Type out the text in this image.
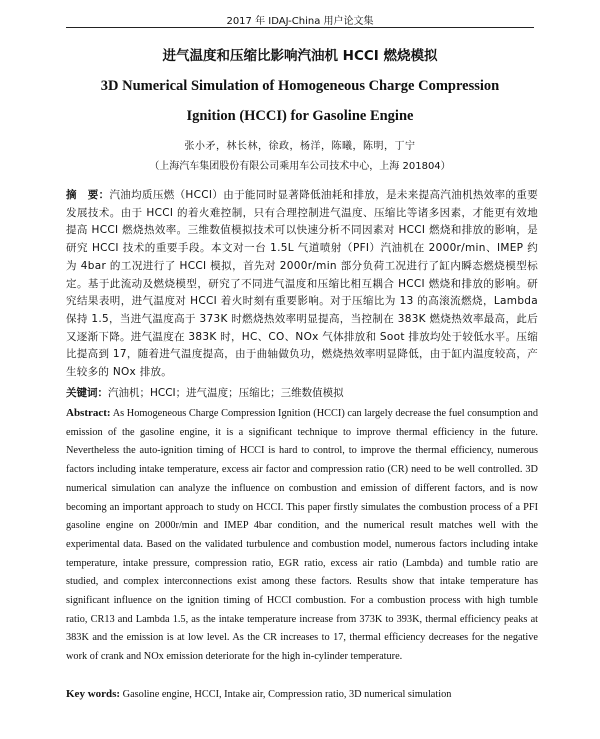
2017 年 IDAJ-China 用户论文集
进气温度和压缩比影响汽油机 HCCI 燃烧模拟
3D Numerical Simulation of Homogeneous Charge Compression
Ignition (HCCI) for Gasoline Engine
张小矛，林长林，徐政，杨洋，陈曦，陈明，丁宁
（上海汽车集团股份有限公司乘用车公司技术中心，上海 201804）
摘　要：汽油均质压燃（HCCI）由于能同时显著降低油耗和排放，是未来提高汽油机热效率的重要发展技术。由于 HCCI 的着火难控制，只有合理控制进气温度、压缩比等诸多因素，才能更有效地提高 HCCI 燃烧热效率。三维数值模拟技术可以快速分析不同因素对 HCCI 燃烧和排放的影响，是研究 HCCI 技术的重要手段。本文对一台 1.5L 气道喷射（PFI）汽油机在 2000r/min、IMEP 约为 4bar 的工况进行了 HCCI 模拟，首先对 2000r/min 部分负荷工况进行了缸内瞬态燃烧模型标定。基于此流动及燃烧模型，研究了不同进气温度和压缩比相互耦合 HCCI 燃烧和排放的影响。研究结果表明，进气温度对 HCCI 着火时刻有重要影响。对于压缩比为 13 的高滚流燃烧，Lambda 保持 1.5，当进气温度高于 373K 时燃烧热效率明显提高，当控制在 383K 燃烧热效率最高，此后又逐渐下降。进气温度在 383K 时，HC、CO、NOx 气体排放和 Soot 排放均处于较低水平。压缩比提高到 17，随着进气温度提高，由于曲轴做负功，燃烧热效率明显降低，由于缸内温度较高，产生较多的 NOx 排放。
关键词：汽油机；HCCI；进气温度；压缩比；三维数值模拟
Abstract: As Homogeneous Charge Compression Ignition (HCCI) can largely decrease the fuel consumption and emission of the gasoline engine, it is a significant technique to improve thermal efficiency in the future. Nevertheless the auto-ignition timing of HCCI is hard to control, to improve the thermal efficiency, numerous factors including intake temperature, excess air factor and compression ratio (CR) need to be well controlled. 3D numerical simulation can analyze the influence on combustion and emission of different factors, and is now becoming an important approach to study on HCCI. This paper firstly simulates the combustion process of a PFI gasoline engine on 2000r/min and IMEP 4bar condition, and the numerical result matches well with the experimental data. Based on the validated turbulence and combustion model, numerous factors including intake temperature, intake pressure, compression ratio, EGR ratio, excess air ratio (Lambda) and tumble ratio are studied, and complex interconnections exist among these factors. Results show that intake temperature has significant influence on the ignition timing of HCCI combustion. For a combustion process with high tumble ratio, CR13 and Lambda 1.5, as the intake temperature increase from 373K to 393K, thermal efficiency peaks at 383K and the emission is at low level. As the CR increases to 17, thermal efficiency decreases for the negative work of crank and NOx emission deteriorate for the high in-cylinder temperature.
Key words: Gasoline engine, HCCI, Intake air, Compression ratio, 3D numerical simulation
